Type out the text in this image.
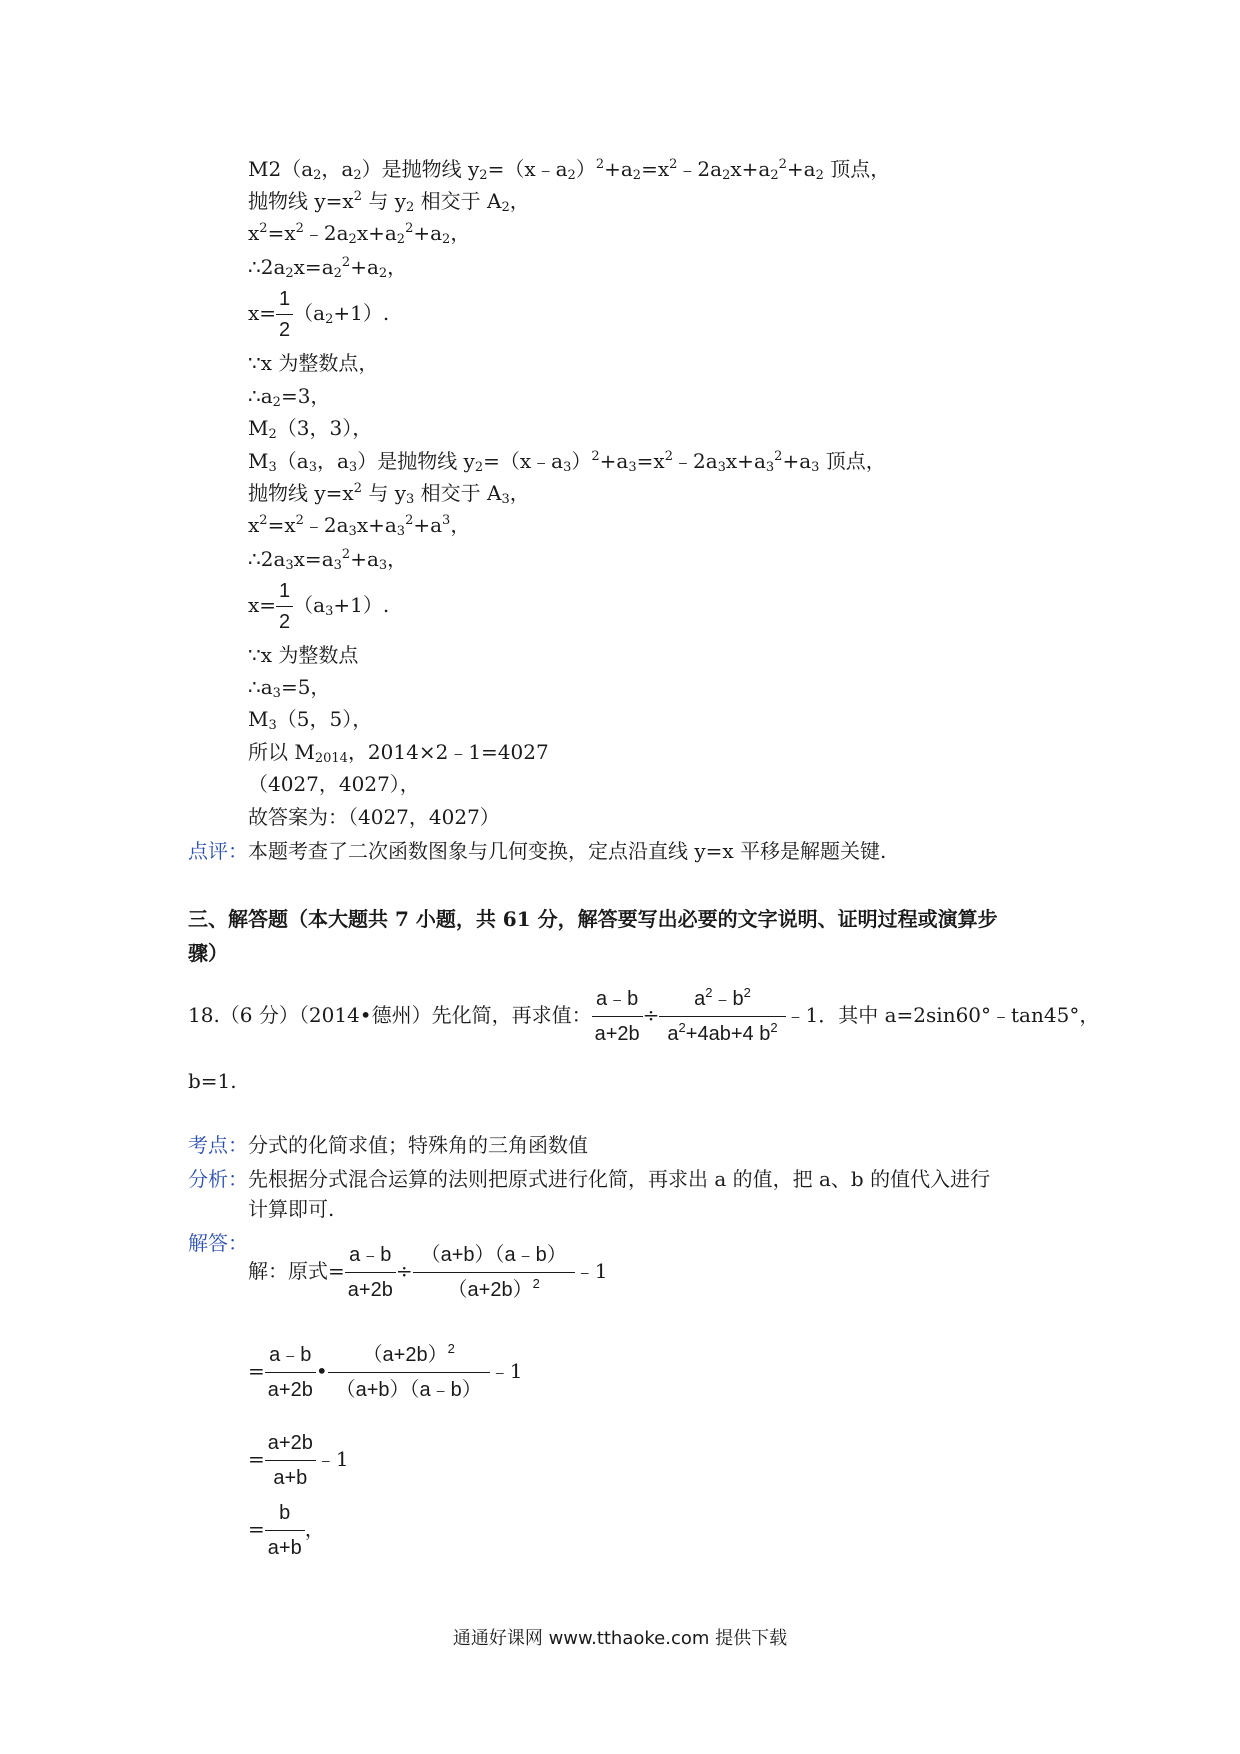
$M2(a_2$，$a_2$）是抛物线 $y_2=(x﹣a_2)^2+a_2=x^2﹣2a_2x+a_2^2+a_2$ 顶点，
抛物线 $y=x^2$ 与 $y_2$ 相交于 $A_2$，
$x^2=x^2﹣2a_2x+a_2^2+a_2$，
$\therefore 2a_2x=a_2^2+a_2$，
$x= \frac{1}{2} (a_2+1)$.
∵x 为整数点，
$\therefore a_2=3$，
$M_2(3$，3），
$M_3(a_3$，$a_3$）是抛物线 $y_2=(x﹣a_3)^2+a_3=x^2﹣2a_3x+a_3^2+a_3$ 顶点，
抛物线 $y=x^2$ 与 $y_3$ 相交于 $A_3$，
$x^2=x^2﹣2a_3x+a_3^2+a^3$，
$\therefore 2a_3x=a_3^2+a_3$，
$x= \frac{1}{2} (a_3+1)$.
∵x 为整数点
$\therefore a_3=5$，
$M_3(5$，5），
所以 $M_{2014}$，2014×2﹣1=4027
（4027，4027），
故答案为：（4027，4027）
点评：本题考查了二次函数图象与几何变换，定点沿直线 y=x 平移是解题关键.
三、解答题（本大题共 7 小题，共 61 分，解答要写出必要的文字说明、证明过程或演算步
骤）
18.（6 分）（2014•德州）先化简，再求值： $\frac{a﹣b}{a+2b} \div \frac{a^2﹣b^2}{a^2+4ab+4 b^2}$ ﹣1．其中 a=2sin60°﹣tan45°，
b=1.
考点：分式的化简求值；特殊角的三角函数值
分析：先根据分式混合运算的法则把原式进行化简，再求出 a 的值，把 a、b 的值代入进行
计算即可.
解答：
解：原式= $\frac{a﹣b}{a+2b} \div \frac{(a+b)(a﹣b)}{(a+2b)^2}$ ﹣1
= $\frac{a﹣b}{a+2b}$ • $\frac{(a+2b)^2}{(a+b)(a﹣b)}$ ﹣1
= $\frac{a+2b}{a+b}$ ﹣1
= $\frac{b}{a+b}$ ，
通通好课网 www.tthaoke.com 提供下载
